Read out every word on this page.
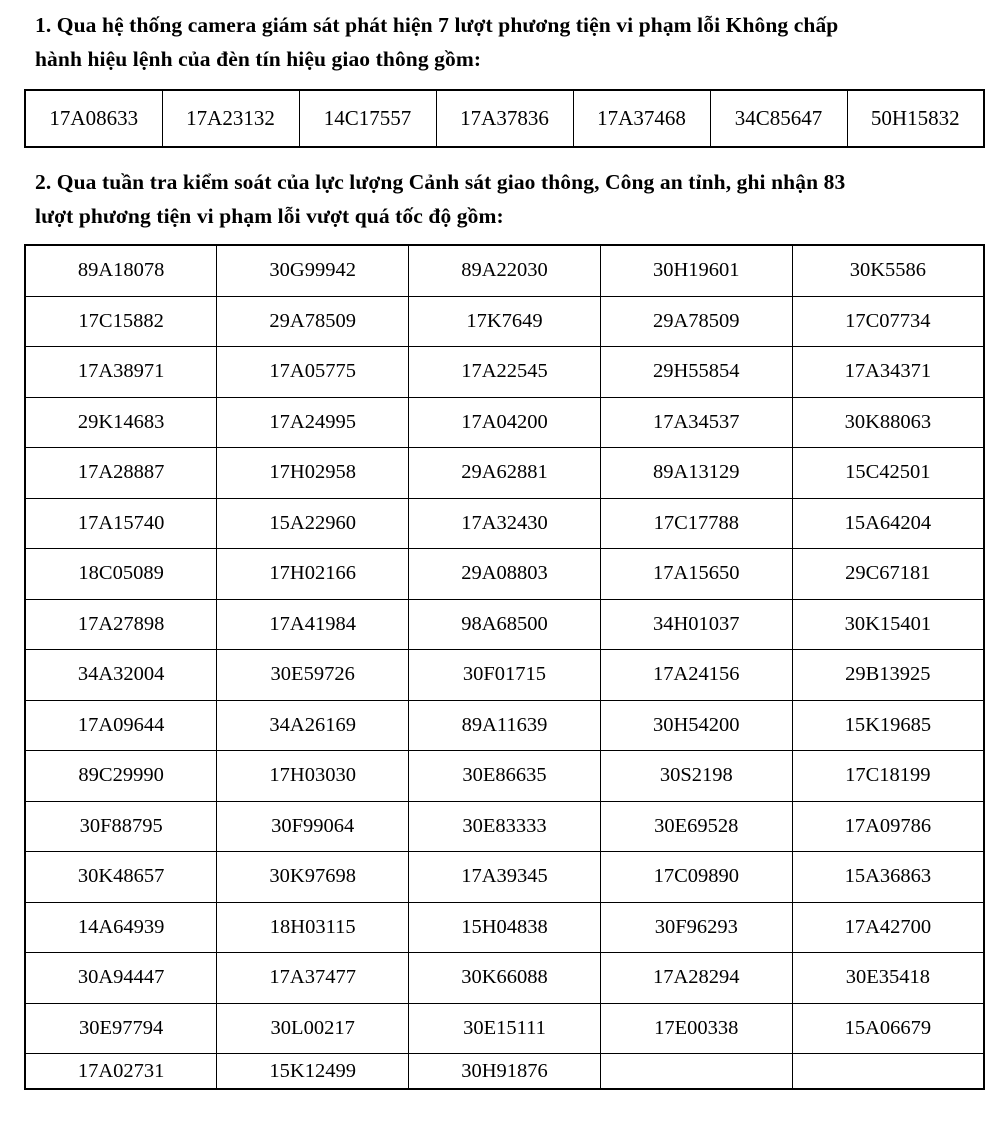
1. Qua hệ thống camera giám sát phát hiện 7 lượt phương tiện vi phạm lỗi Không chấp
hành hiệu lệnh của đèn tín hiệu giao thông gồm:

17A08633	17A23132	14C17557	17A37836	17A37468	34C85647	50H15832

2. Qua tuần tra kiểm soát của lực lượng Cảnh sát giao thông, Công an tỉnh, ghi nhận 83
lượt phương tiện vi phạm lỗi vượt quá tốc độ gồm:

89A18078	30G99942	89A22030	30H19601	30K5586
17C15882	29A78509	17K7649	29A78509	17C07734
17A38971	17A05775	17A22545	29H55854	17A34371
29K14683	17A24995	17A04200	17A34537	30K88063
17A28887	17H02958	29A62881	89A13129	15C42501
17A15740	15A22960	17A32430	17C17788	15A64204
18C05089	17H02166	29A08803	17A15650	29C67181
17A27898	17A41984	98A68500	34H01037	30K15401
34A32004	30E59726	30F01715	17A24156	29B13925
17A09644	34A26169	89A11639	30H54200	15K19685
89C29990	17H03030	30E86635	30S2198	17C18199
30F88795	30F99064	30E83333	30E69528	17A09786
30K48657	30K97698	17A39345	17C09890	15A36863
14A64939	18H03115	15H04838	30F96293	17A42700
30A94447	17A37477	30K66088	17A28294	30E35418
30E97794	30L00217	30E15111	17E00338	15A06679
17A02731	15K12499	30H91876		
